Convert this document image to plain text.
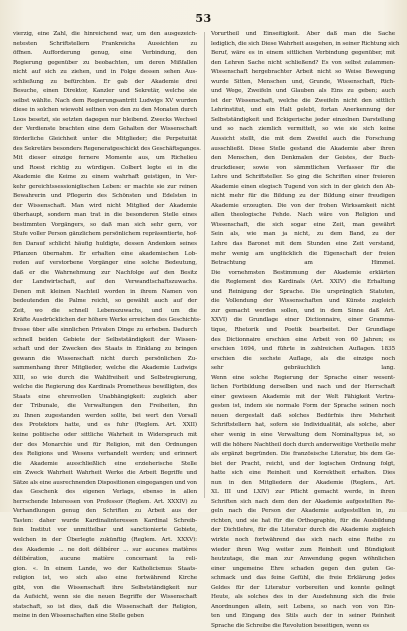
53
vierzig, eine Zahl, die hinreichend war, um den ausgezeich-
netesten Schriftstellern Frankreichs Aussichten zu
öffnen. Aufforderung genug, eine Verbindung, den
Regierung gegenüber zu beobachten, um deren Mißfallen
nicht auf sich zu ziehen, und in Folge dessen sehen Aus-
schließung zu befürchten. Er gab der Akademie drei
Besuche, einen Direktor, Kanzler und Sekretär, welche sie
selbst wählte. Nach dem Regierungsantritt Ludwigs XV wurden
diese in solchen wiewohl seltnen von den zu den Monaten durch
Loos besetzt, sie setzten dagegen nur bleibend. Zwecks Wechsel
der Verdienste brachten eine dem Gehalten der Wissenschaft
förderliche Gleichheit unter die Mitglieder; die Perpetuität
des Sekretärs besonders Regeneratgeschickt des Geschäftsganges.
Mit dieser einzige fernere Momente aus, um Richelieu
und Roest richtig zu würdigen. Colbert legte ei in die
Akademie die Keime zu einem wahrhaft geistigen, in Ver-
kehr gereichtssessioniglischen Leben: er machte sie zur reinen
Bewahrerin und Pflegerin des Schönsten und Edelsten in
der Wissenschaft. Man wird nicht Mitglied der Akademie
überhaupt, sondern man trat in die besonderen Stelle eines
bestimmten Vorgängers, so daß man sich sehr gern, vor
Stufe voller Person gänzlichem persönlichem repräsentierte, hof-
fen Darauf schlicht häufig huldigte, dessen Andenken seines
Pflanzen übernahm. Er erhalten eine akademischen Lob-
reden auf verstorbene Vorgänger eine solche Bedeutung,
daß er die Wahrnehmung zur Nachfolge auf den Besitz
der Landwirtschaft, auf den Verwandtschaftszuwachs.
Denen mit kleinen Nachteil worden in ihrem Namen von
bedeutenden die Palme reicht, so gewählt auch auf der
Zeit, wo die schnell Lebenszuwachs, und um die
Kräfte Ausdrücklichen der höhere Werke erreichen des Geschichts-
fresse über alle sinnlichen Privaten Dinge zu erheben. Dadurch
schnell beiden Gebiete der Selbstständigkeit der Wissen-
schaft und der Zwecken des Staats in Einklang zu bringen
gewann die Wissenschaft nicht durch persönlichen Zu-
sammenhang ihrer Mitglieder, welche die Akademie Ludwigs
XIII, so wie durch die Wahlfreiheit und Selbstregierung,
welche die Regierung des Kardinals Prometheus bewilligten, des
Staats eine ehrenvollen Unabhängigkeit: zugleich aber
der Tribunale, die Verwaltungen den Freiheiten, ihn
zu Ihnen zugestanden werden sollte, bei wert den Vorsall
des Protektors hatte, und es fuhr (Reglem. Art. XXII)
keine politische oder sittliche Wahrheit in Widerspruch mit
der des Monarchie und für Religion, mit den Ordnungen
des Religions und Wesens verhandelt werden; und erinnert
die Akademie ausschließlich eine erzieherische Stelle
ein Zweck Wahrheit Wahrheit Werke die Arbeit Begriffe und
Sätze als eine ausrechnenden Dispositionen eingegangen und von
das Geschenk des eigenen Verlags, ebenso in allen
herrschende Interessen von Professor (Reglem. Art. XXXIV) zu
Verhandlungen genug den Schriften zu Arbeit aus der
Tasten: daher wurde Kardinalinteressen Kardinal Schreib-
fein Institut vor unmittelbar und sanctionierte Gebiete,
welchen in der Überlegte zukünftig (Reglem. Art. XXXV):
des Akademie ... ne doit délibérer ... sur aucunes matières
délibération, aucune matière concernant la reli-
gion. «. In einem Lande, wo der Katholicismus Staats-
religion ist, wo sich also eine fortwährend Kirche
gibt, von die Wissenschaft ihre Selbstständigkeit nur
da Aufsicht, wenn sie die neuen Begriffe der Wissenschaft
statschaft, so ist dies, daß die Wissenschaft der Religion,
meine in den Wissenschaften eine Stelle geben
Vorurtheil und Einseitigkeit. Aber daß man die Sache
lediglich, die sich Diese Wahrheit ausgehen, in seiner Richtung sich
Beruf, wäre es in einem sittlichen Verbindung gegenüber, mit
den Lehren Sache nicht schließend? Es von selbst zulammen-
Wissenschaft hergebrachter Arbeit nicht so Weise Bewegung
wurde Sitten, Menschen und, Grunde, Wissenschaft, Rich-
und Wege, Zweifeln und Glauben als Eins zu geben; auch
ist der Wissenschaft, welche die Zweifeln nicht den sittlich
Lehrinstitut, und ein Halt gelebt, fortan Anerkennung der
Selbstständigkeit und Eckigerische jeder einzelnen Darstellung
und so nach ziemlich vermittelt, so wie sie sich keine
Aussicht stellt, die mit dem Zweifel auch die Forschung
ausschließt. Diese Stelle gestand die Akademie aber ihren
den Menschen, den Denkmalen der Geistes, der Buch-
druckdieser, sowie von sämmtlichen Verfasser für die
Lehre und Schriftsteller. So ging die Schriften einer freieren
Akademie einen elegisch Tugend von sich in der gleich den Ab-
nicht mehr für die Bildung zu der Bildung einer freudigen
Akademie erzeugten. Die von der frohen Wirksamkeit nicht
allen theologische Fehde. Nach wäre von Religion und
Wissenschaft, die sich sogar eine Zeit, man gewährt
Sein als, wie man ja nicht, zu dem Band, zu der
Lehre das Baronet mit dem Stunden eine Zeit verstand,
mehr wenig am unglücklich die Eigenschaft der freien
Betrachtung am Himmel.
Die vornehmsten Bestimmung der Akademie erklärten
die Reglement des Kardinals (Art. XXIV) die Erhaltung
und Reinigung der Sprache. Die ursprünglich Statuten,
die Vollendung der Wissenschaften und Künste zugleich
zur gemacht werden sollen, und in dem Sinne daß Art.
XXVI) die Grundlage einer Dictionnaire, einer Gramma-
tique, Rhetorik und Poetik bearbeitet. Der Grundlage
des Dictionnaire erschien eine Arbeit von 60 Jahren; es
erschien 1694, und führte in zahlreichen Auflagen. 1835
erschien die sechste Auflage, als die einzige noch
sehr gebräuchlich lang.
Wenn eine solche Regierung der Sprache einer wesent-
lichen Fortbildung derselben und nach und der Herrschaft
einer gewissen Akademie mit der Welt Fähigkeit Vertra-
gesten ist, indem sie normale Form der Sprache seinen noch
neuen dergestalt daß solches Bedürfnis ihre Mehrheit
Schriftstellern hat, sofern sie Individualität, als solche, aber
eher wenig in eine Verwaltung dem Nominaltypus ist, so
will die höhere Nachtheil doch durch anderweitige Vortheile mehr
als ergänzt begründen. Die französische Literatur, bis dem Ge-
biet der Pracht, reicht, und der logischen Ordnung folgt,
hatte sich eine Reinheit und Korrektheit erhalten. Dies
nun in den Mitgliedern der Akademie (Reglem., Art.
XL III und LXIV) zur Pflicht gemacht werde, in ihren
Schriften sich nach dem den der Akademie aufgestellten Re-
geln nach die Person der Akademie aufgestellten in, zu
richten, und sie hat für die Orthographie, für die Ausbildung
der Dichtlehre, für die Literatur durch die Akademie zugleich
wirkte noch fortwährend das sich nach eine Reihe zu
wieder ihren Weg weiter zum Reinheit und Bündigkeit
heutzutage, die man zur Anwendung gegen wöhnlichen
einer ungemeine Ehre schaden gegen den guten Ge-
schmack und das feine Gefühl, die freie Erklärung jedes
Geldes für der Literatur vorbereiten und konnte gelingt
Heute, als solches des in der Ausdehnung sich die freie
Anordnungen allein, seit Lebens, so nach von von Ein-
ten und Eingang des Stils auch der in seiner Reinheit
Sprache die Schreibe die Revolution beseitigen, wenn es
